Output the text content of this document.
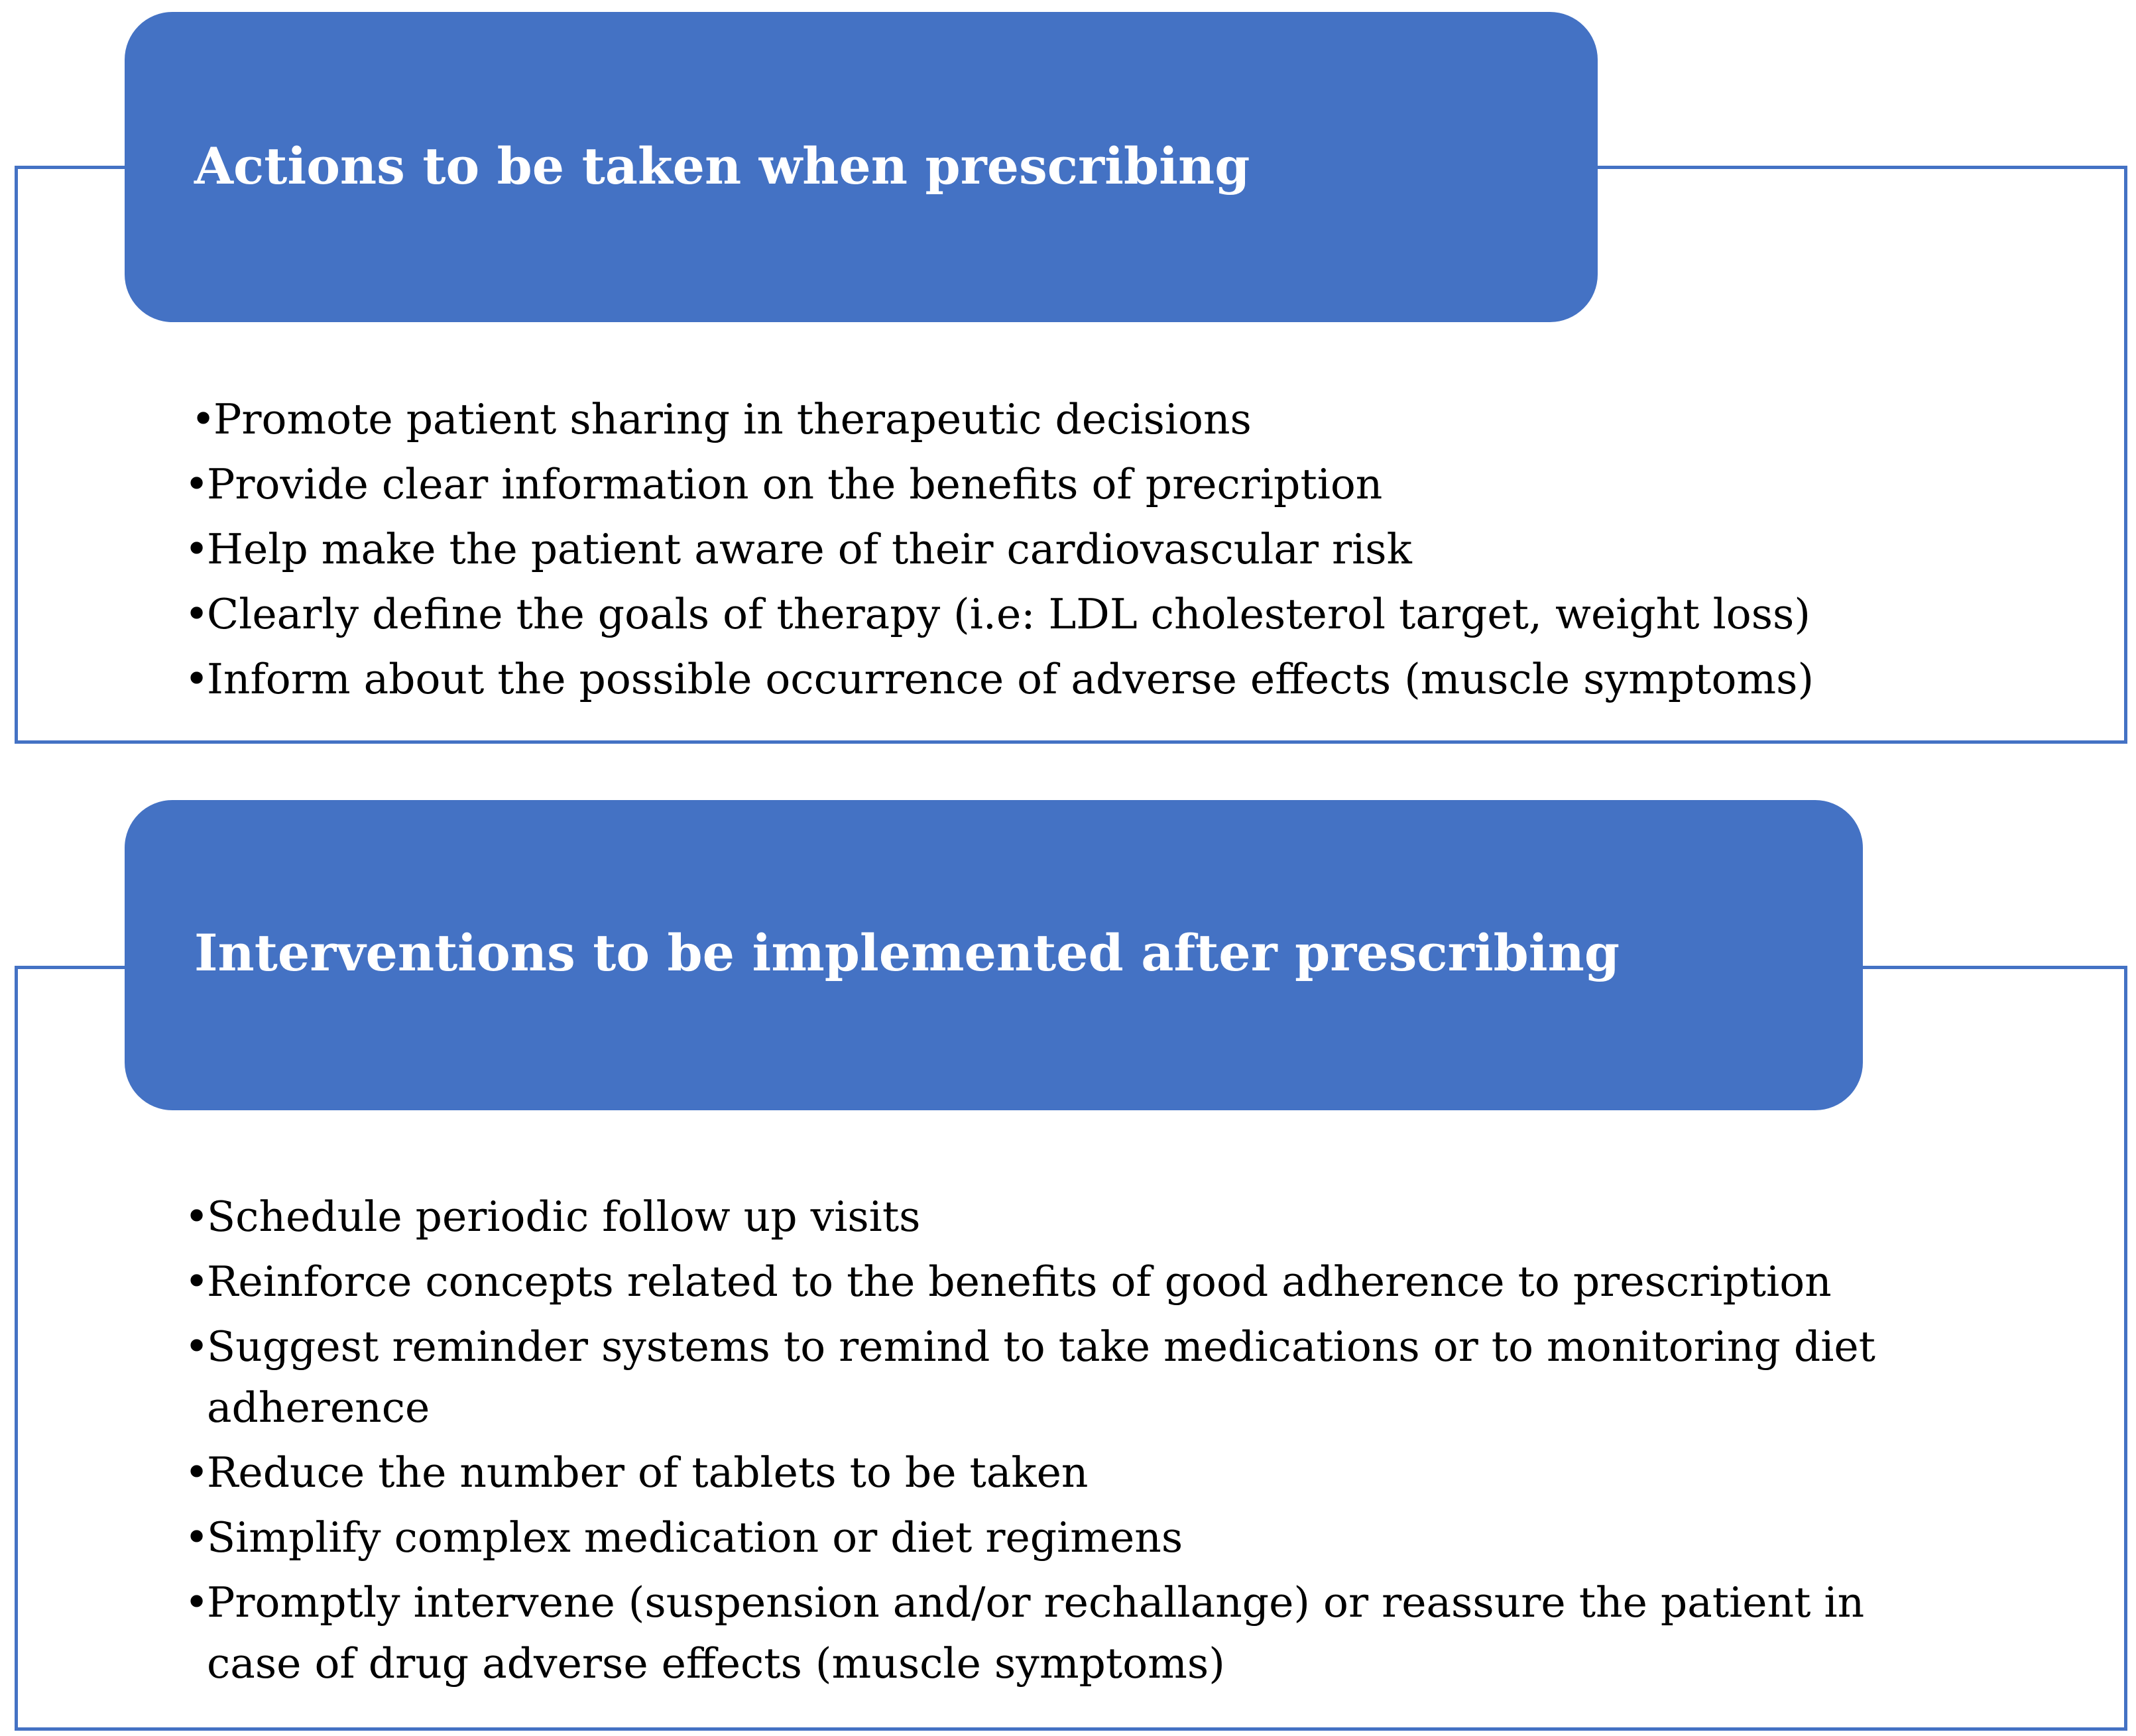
Actions to be taken when prescribing
• Promote patient sharing in therapeutic decisions
• Provide clear information on the benefits of precription
• Help make the patient aware of their cardiovascular risk
• Clearly define the goals of therapy (i.e: LDL cholesterol target, weight loss)
• Inform about the possible occurrence of adverse effects (muscle symptoms)
Interventions to be implemented after prescribing
• Schedule periodic follow up visits
• Reinforce concepts related to the benefits of good adherence to prescription
• Suggest reminder systems to remind to take medications or to monitoring diet adherence
• Reduce the number of tablets to be taken
• Simplify complex medication or diet regimens
• Promptly intervene (suspension and/or rechallange) or reassure the patient in case of drug adverse effects (muscle symptoms)
